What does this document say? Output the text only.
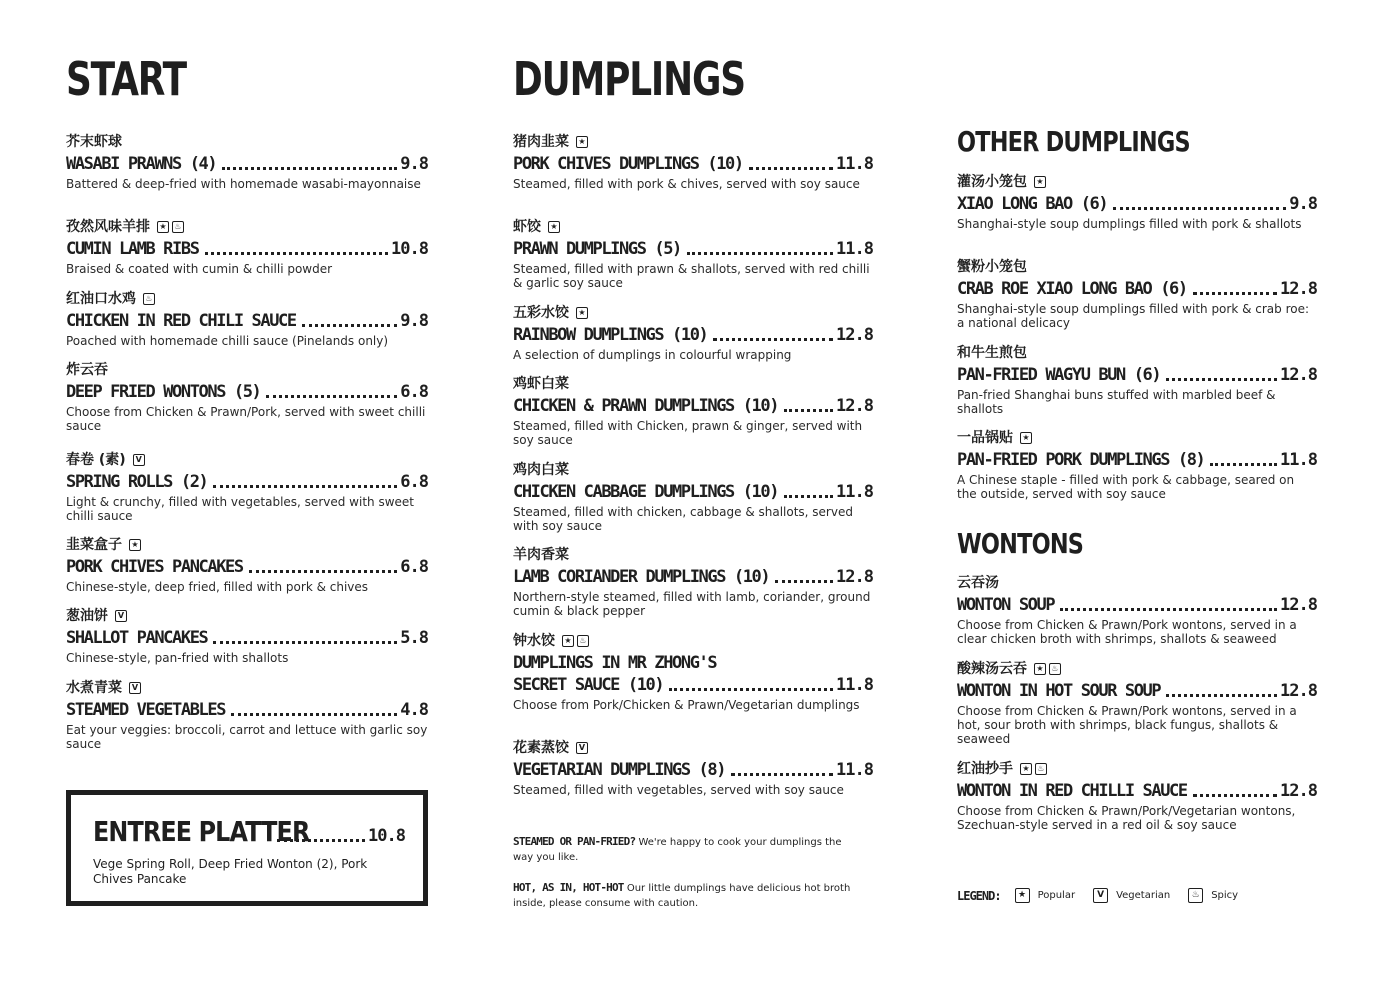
START
芥末虾球
WASABI PRAWNS (4)	9.8
Battered & deep-fried with homemade wasabi-mayonnaise
孜然风味羊排	★ ♨
CUMIN LAMB RIBS	10.8
Braised & coated with cumin & chilli powder
红油口水鸡	♨
CHICKEN IN RED CHILI SAUCE	9.8
Poached with homemade chilli sauce (Pinelands only)
炸云吞
DEEP FRIED WONTONS (5)	6.8
Choose from Chicken & Prawn/Pork, served with sweet chilli sauce
春卷 (素)	V
SPRING ROLLS (2)	6.8
Light & crunchy, filled with vegetables, served with sweet chilli sauce
韭菜盒子	★
PORK CHIVES PANCAKES	6.8
Chinese-style, deep fried, filled with pork & chives
葱油饼	V
SHALLOT PANCAKES	5.8
Chinese-style, pan-fried with shallots
水煮青菜	V
STEAMED VEGETABLES	4.8
Eat your veggies: broccoli, carrot and lettuce with garlic soy sauce
ENTREE PLATTER	10.8
Vege Spring Roll, Deep Fried Wonton (2), Pork Chives Pancake
DUMPLINGS
猪肉韭菜	★
PORK CHIVES DUMPLINGS (10)	11.8
Steamed, filled with pork & chives, served with soy sauce
虾饺	★
PRAWN DUMPLINGS (5)	11.8
Steamed, filled with prawn & shallots, served with red chilli & garlic soy sauce
五彩水饺	★
RAINBOW DUMPLINGS (10)	12.8
A selection of dumplings in colourful wrapping
鸡虾白菜
CHICKEN & PRAWN DUMPLINGS (10)	12.8
Steamed, filled with Chicken, prawn & ginger, served with soy sauce
鸡肉白菜
CHICKEN CABBAGE DUMPLINGS (10)	11.8
Steamed, filled with chicken, cabbage & shallots, served with soy sauce
羊肉香菜
LAMB CORIANDER DUMPLINGS (10)	12.8
Northern-style steamed, filled with lamb, coriander, ground cumin & black pepper
钟水饺	★ ♨
DUMPLINGS IN MR ZHONG'S
SECRET SAUCE (10)	11.8
Choose from Pork/Chicken & Prawn/Vegetarian dumplings
花素蒸饺	V
VEGETARIAN DUMPLINGS (8)	11.8
Steamed, filled with vegetables, served with soy sauce
STEAMED OR PAN-FRIED? We're happy to cook your dumplings the way you like.
HOT, AS IN, HOT-HOT Our little dumplings have delicious hot broth inside, please consume with caution.
OTHER DUMPLINGS
灌汤小笼包	★
XIAO LONG BAO (6)	9.8
Shanghai-style soup dumplings filled with pork & shallots
蟹粉小笼包
CRAB ROE XIAO LONG BAO (6)	12.8
Shanghai-style soup dumplings filled with pork & crab roe: a national delicacy
和牛生煎包
PAN-FRIED WAGYU BUN (6)	12.8
Pan-fried Shanghai buns stuffed with marbled beef & shallots
一品锅贴	★
PAN-FRIED PORK DUMPLINGS (8)	11.8
A Chinese staple - filled with pork & cabbage, seared on the outside, served with soy sauce
WONTONS
云吞汤
WONTON SOUP	12.8
Choose from Chicken & Prawn/Pork wontons, served in a clear chicken broth with shrimps, shallots & seaweed
酸辣汤云吞	★ ♨
WONTON IN HOT SOUR SOUP	12.8
Choose from Chicken & Prawn/Pork wontons, served in a hot, sour broth with shrimps, black fungus, shallots & seaweed
红油抄手	★ ♨
WONTON IN RED CHILLI SAUCE	12.8
Choose from Chicken & Prawn/Pork/Vegetarian wontons, Szechuan-style served in a red oil & soy sauce
LEGEND:	★	Popular	V	Vegetarian	♨	Spicy
